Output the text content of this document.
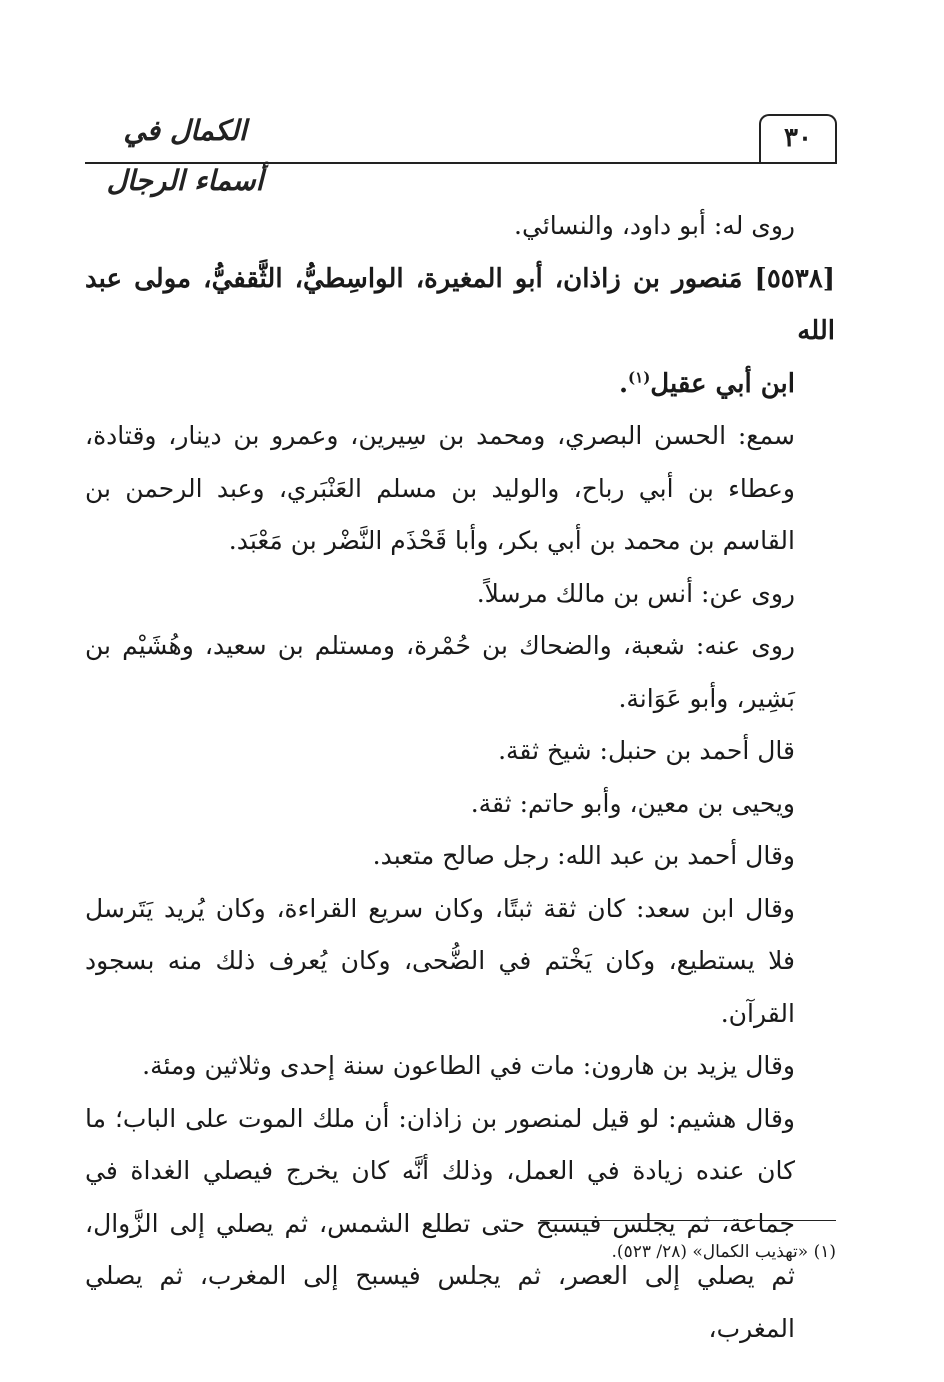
الكمال في أسماء الرجال
٣٠

روى له: أبو داود، والنسائي.

[٥٥٣٨] مَنصور بن زاذان، أبو المغيرة، الواسِطيُّ، الثَّقفيُّ، مولى عبد الله

ابن أبي عقيل$^{(١)}$.

سمع: الحسن البصري، ومحمد بن سِيرين، وعمرو بن دينار، وقتادة، وعطاء بن أبي رباح، والوليد بن مسلم العَنْبَري، وعبد الرحمن بن القاسم بن محمد بن أبي بكر، وأبا قَحْذَم النَّضْر بن مَعْبَد.

روى عن: أنس بن مالك مرسلاً.

روى عنه: شعبة، والضحاك بن حُمْرة، ومستلم بن سعيد، وهُشَيْم بن بَشِير، وأبو عَوَانة.

قال أحمد بن حنبل: شيخ ثقة.

ويحيى بن معين، وأبو حاتم: ثقة.

وقال أحمد بن عبد الله: رجل صالح متعبد.

وقال ابن سعد: كان ثقة ثبتًا، وكان سريع القراءة، وكان يُريد يَتَرسل فلا يستطيع، وكان يَخْتم في الضُّحى، وكان يُعرف ذلك منه بسجود القرآن.

وقال يزيد بن هارون: مات في الطاعون سنة إحدى وثلاثين ومئة.

وقال هشيم: لو قيل لمنصور بن زاذان: أن ملك الموت على الباب؛ ما كان عنده زيادة في العمل، وذلك أنَّه كان يخرج فيصلي الغداة في جماعة، ثم يجلس فيسبح حتى تطلع الشمس، ثم يصلي إلى الزَّوال، ثم يصلي إلى العصر، ثم يجلس فيسبح إلى المغرب، ثم يصلي المغرب،

(١) «تهذيب الكمال» (٢٨/ ٥٢٣).
